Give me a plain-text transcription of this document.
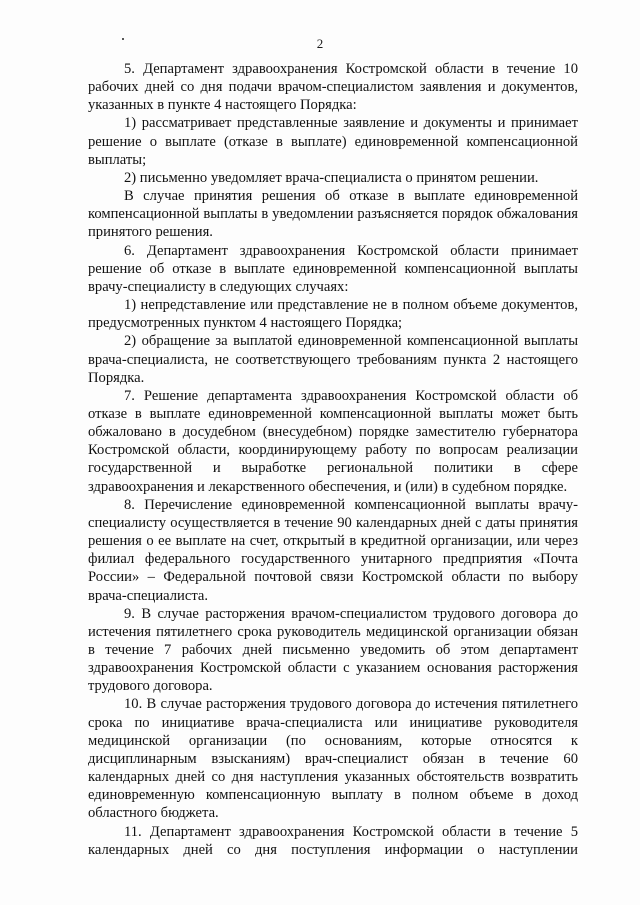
2

5. Департамент здравоохранения Костромской области в течение 10 рабочих дней со дня подачи врачом-специалистом заявления и документов, указанных в пункте 4 настоящего Порядка:

1) рассматривает представленные заявление и документы и принимает решение о выплате (отказе в выплате) единовременной компенсационной выплаты;

2) письменно уведомляет врача-специалиста о принятом решении.

В случае принятия решения об отказе в выплате единовременной компенсационной выплаты в уведомлении разъясняется порядок обжалования принятого решения.

6. Департамент здравоохранения Костромской области принимает решение об отказе в выплате единовременной компенсационной выплаты врачу-специалисту в следующих случаях:

1) непредставление или представление не в полном объеме документов, предусмотренных пунктом 4 настоящего Порядка;

2) обращение за выплатой единовременной компенсационной выплаты врача-специалиста, не соответствующего требованиям пункта 2 настоящего Порядка.

7. Решение департамента здравоохранения Костромской области об отказе в выплате единовременной компенсационной выплаты может быть обжаловано в досудебном (внесудебном) порядке заместителю губернатора Костромской области, координирующему работу по вопросам реализации государственной и выработке региональной политики в сфере здравоохранения и лекарственного обеспечения, и (или) в судебном порядке.

8. Перечисление единовременной компенсационной выплаты врачу-специалисту осуществляется в течение 90 календарных дней с даты принятия решения о ее выплате на счет, открытый в кредитной организации, или через филиал федерального государственного унитарного предприятия «Почта России» – Федеральной почтовой связи Костромской области по выбору врача-специалиста.

9. В случае расторжения врачом-специалистом трудового договора до истечения пятилетнего срока руководитель медицинской организации обязан в течение 7 рабочих дней письменно уведомить об этом департамент здравоохранения Костромской области с указанием основания расторжения трудового договора.

10. В случае расторжения трудового договора до истечения пятилетнего срока по инициативе врача-специалиста или инициативе руководителя медицинской организации (по основаниям, которые относятся к дисциплинарным взысканиям) врач-специалист обязан в течение 60 календарных дней со дня наступления указанных обстоятельств возвратить единовременную компенсационную выплату в полном объеме в доход областного бюджета.

11. Департамент здравоохранения Костромской области в течение 5 календарных дней со дня поступления информации о наступлении
